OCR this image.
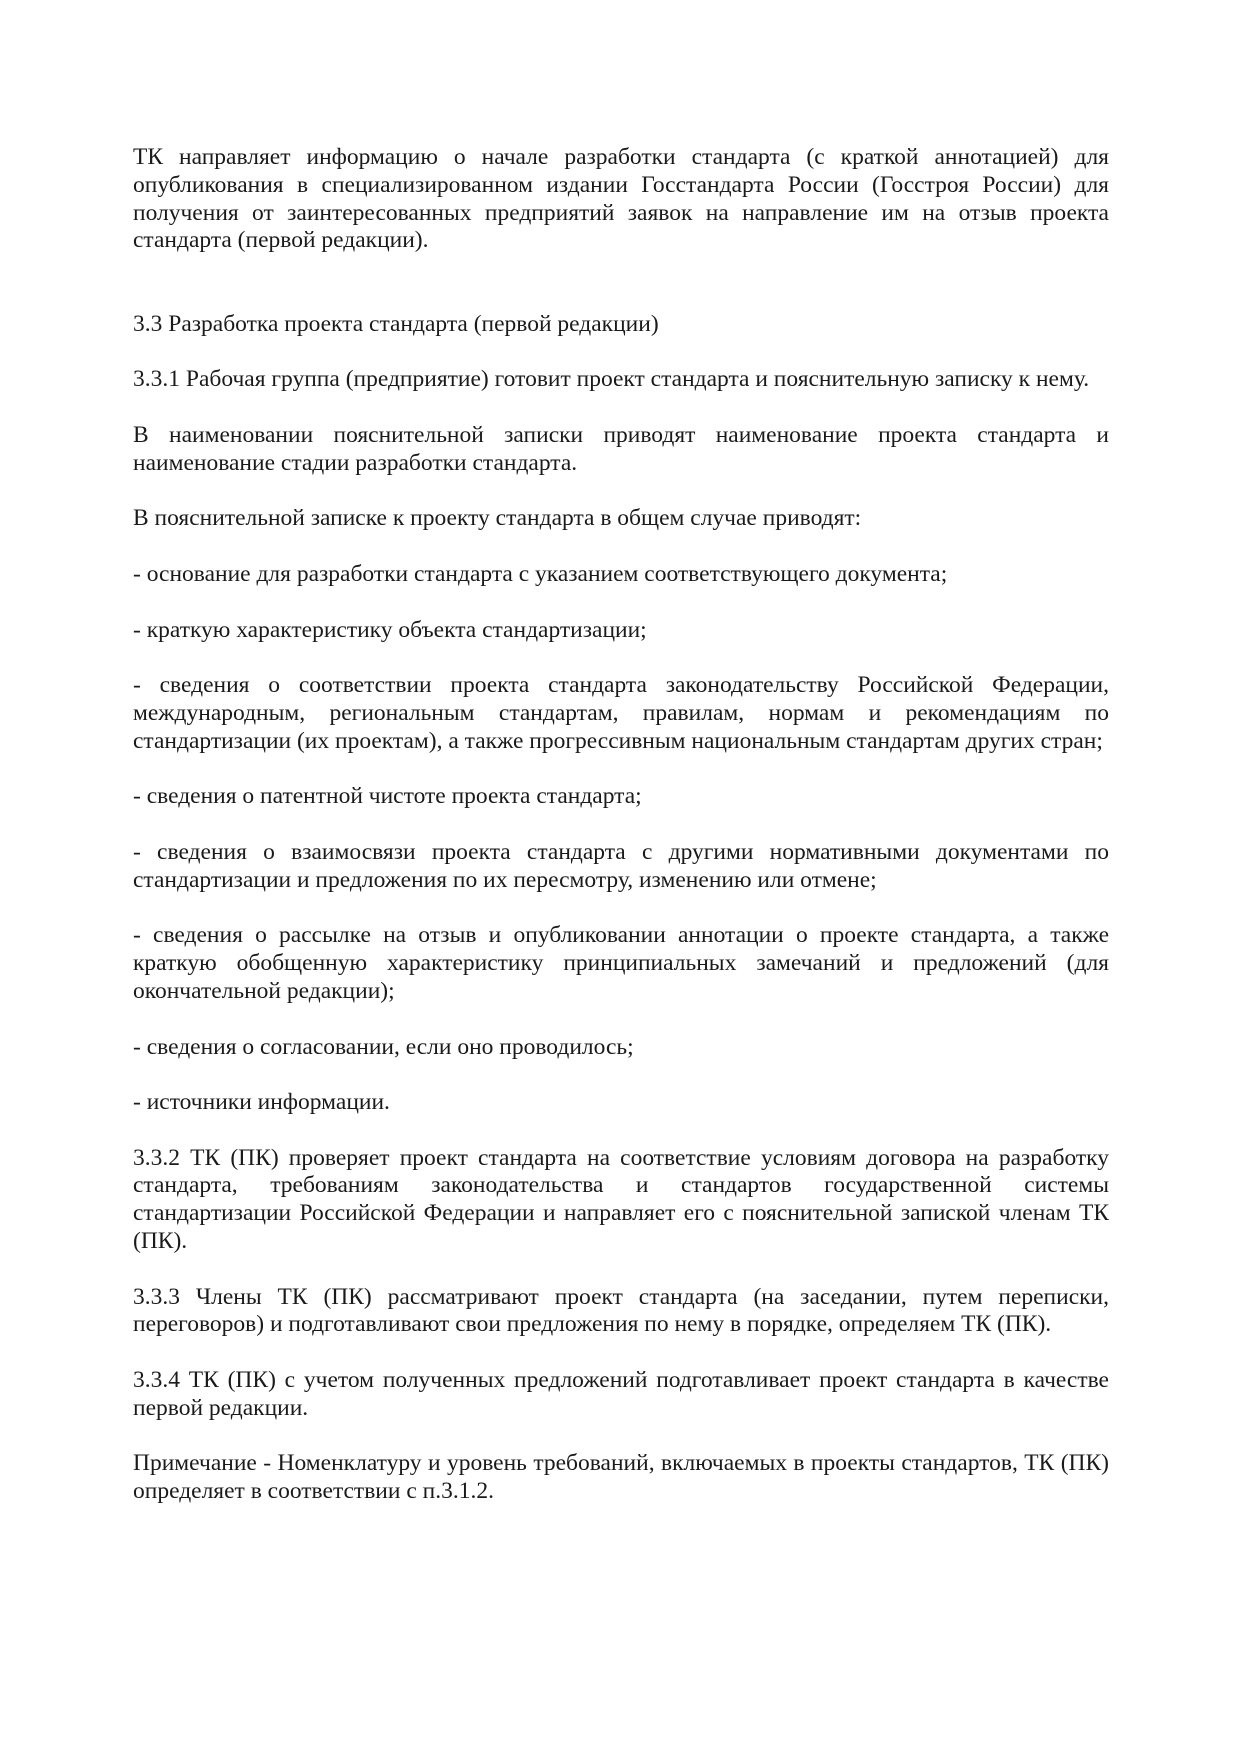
ТК направляет информацию о начале разработки стандарта (с краткой аннотацией) для опубликования в специализированном издании Госстандарта России (Госстроя России) для получения от заинтересованных предприятий заявок на направление им на отзыв проекта стандарта (первой редакции).

3.3 Разработка проекта стандарта (первой редакции)

3.3.1 Рабочая группа (предприятие) готовит проект стандарта и пояснительную записку к нему.

В наименовании пояснительной записки приводят наименование проекта стандарта и наименование стадии разработки стандарта.

В пояснительной записке к проекту стандарта в общем случае приводят:

- основание для разработки стандарта с указанием соответствующего документа;

- краткую характеристику объекта стандартизации;

- сведения о соответствии проекта стандарта законодательству Российской Федерации, международным, региональным стандартам, правилам, нормам и рекомендациям по стандартизации (их проектам), а также прогрессивным национальным стандартам других стран;

- сведения о патентной чистоте проекта стандарта;

- сведения о взаимосвязи проекта стандарта с другими нормативными документами по стандартизации и предложения по их пересмотру, изменению или отмене;

- сведения о рассылке на отзыв и опубликовании аннотации о проекте стандарта, а также краткую обобщенную характеристику принципиальных замечаний и предложений (для окончательной редакции);

- сведения о согласовании, если оно проводилось;

- источники информации.

3.3.2 ТК (ПК) проверяет проект стандарта на соответствие условиям договора на разработку стандарта, требованиям законодательства и стандартов государственной системы стандартизации Российской Федерации и направляет его с пояснительной запиской членам ТК (ПК).

3.3.3 Члены ТК (ПК) рассматривают проект стандарта (на заседании, путем переписки, переговоров) и подготавливают свои предложения по нему в порядке, определяем ТК (ПК).

3.3.4 ТК (ПК) с учетом полученных предложений подготавливает проект стандарта в качестве первой редакции.

Примечание - Номенклатуру и уровень требований, включаемых в проекты стандартов, ТК (ПК) определяет в соответствии с п.3.1.2.
